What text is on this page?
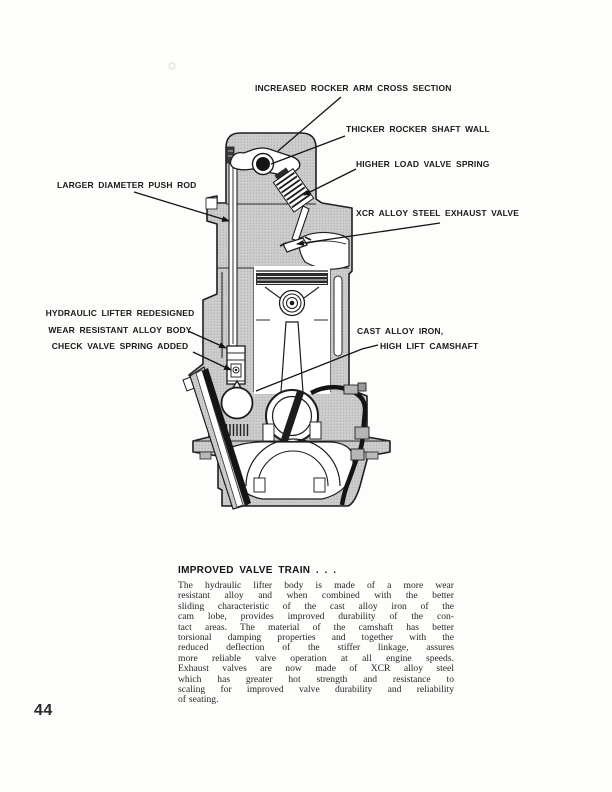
INCREASED ROCKER ARM CROSS SECTION
THICKER ROCKER SHAFT WALL
HIGHER LOAD VALVE SPRING
LARGER DIAMETER PUSH ROD
XCR ALLOY STEEL EXHAUST VALVE
HYDRAULIC LIFTER REDESIGNED
WEAR RESISTANT ALLOY BODY
CHECK VALVE SPRING ADDED
CAST ALLOY IRON,
HIGH LIFT CAMSHAFT
IMPROVED VALVE TRAIN . . .
The hydraulic lifter body is made of a more wear
resistant alloy and when combined with the better
sliding characteristic of the cast alloy iron of the
cam lobe, provides improved durability of the con-
tact areas. The material of the camshaft has better
torsional damping properties and together with the
reduced deflection of the stiffer linkage, assures
more reliable valve operation at all engine speeds.
Exhaust valves are now made of XCR alloy steel
which has greater hot strength and resistance to
scaling for improved valve durability and reliability
of seating.
44
